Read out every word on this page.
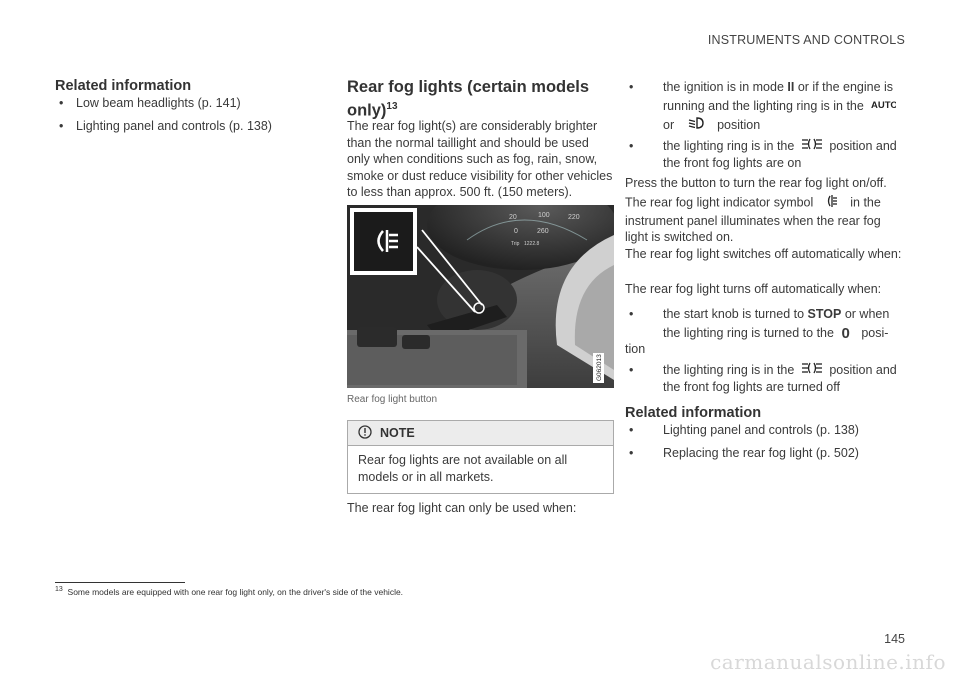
INSTRUMENTS AND CONTROLS
Related information
• Low beam headlights (p. 141)
• Lighting panel and controls (p. 138)
Rear fog lights (certain models only)$^{13}$

The rear fog light(s) are considerably brighter than the normal taillight and should be used only when conditions such as fog, rain, snow, smoke or dust reduce visibility for other vehicles to less than approx. 500 ft. (150 meters).

20	100	220
0	260
Trip 1222.8
G062013
Rear fog light button
NOTE
Rear fog lights are not available on all models or in all markets.

The rear fog light can only be used when:

•	the ignition is in mode II or if the engine is running and the lighting ring is in the AUTO

or	position
•	the lighting ring is in the	position and the front fog lights are on

Press the button to turn the rear fog light on/off.

The rear fog light indicator symbol	in the instrument panel illuminates when the rear fog light is switched on.

The rear fog light switches off automatically when:

The rear fog light turns off automatically when:

•	the start knob is turned to STOP or when the lighting ring is turned to the 0 posi-
tion
•	the lighting ring is in the	position and the front fog lights are turned off
Related information
• Lighting panel and controls (p. 138)
• Replacing the rear fog light (p. 502)
$^{13}$ Some models are equipped with one rear fog light only, on the driver's side of the vehicle.
145
carmanualsonline.info
